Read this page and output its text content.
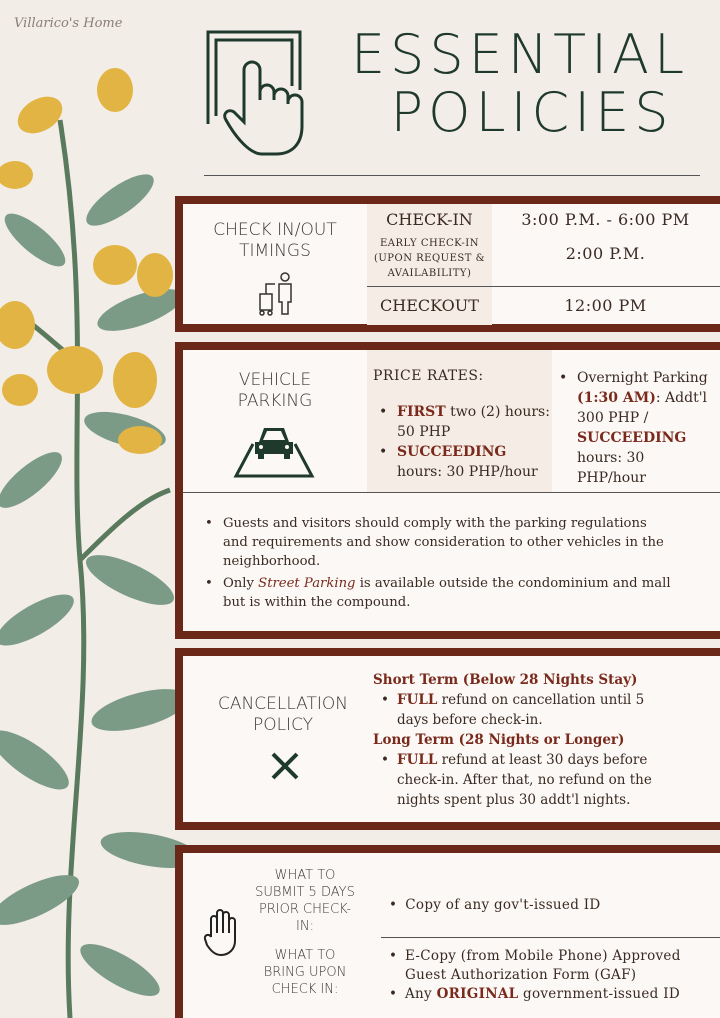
Villarico's Home	ESSENTIAL
POLICIES
CHECK IN/OUT
TIMINGS
CHECK-IN
EARLY CHECK-IN
(UPON REQUEST &
AVAILABILITY)
3:00 P.M. - 6:00 PM
2:00 P.M.
CHECKOUT	12:00 PM
VEHICLE
PARKING
PRICE RATES:
• FIRST two (2) hours:
50 PHP
• SUCCEEDING
hours: 30 PHP/hour
• Overnight Parking
(1:30 AM): Addt'l
300 PHP /
SUCCEEDING
hours: 30
PHP/hour
• Guests and visitors should comply with the parking regulations
and requirements and show consideration to other vehicles in the
neighborhood.
• Only Street Parking is available outside the condominium and mall
but is within the compound.
CANCELLATION
POLICY
Short Term (Below 28 Nights Stay)
• FULL refund on cancellation until 5
days before check-in.
Long Term (28 Nights or Longer)
• FULL refund at least 30 days before
check-in. After that, no refund on the
nights spent plus 30 addt'l nights.
WHAT TO
SUBMIT 5 DAYS
PRIOR CHECK-
IN:
WHAT TO
BRING UPON
CHECK IN:
• Copy of any gov't-issued ID
• E-Copy (from Mobile Phone) Approved
Guest Authorization Form (GAF)
• Any ORIGINAL government-issued ID
